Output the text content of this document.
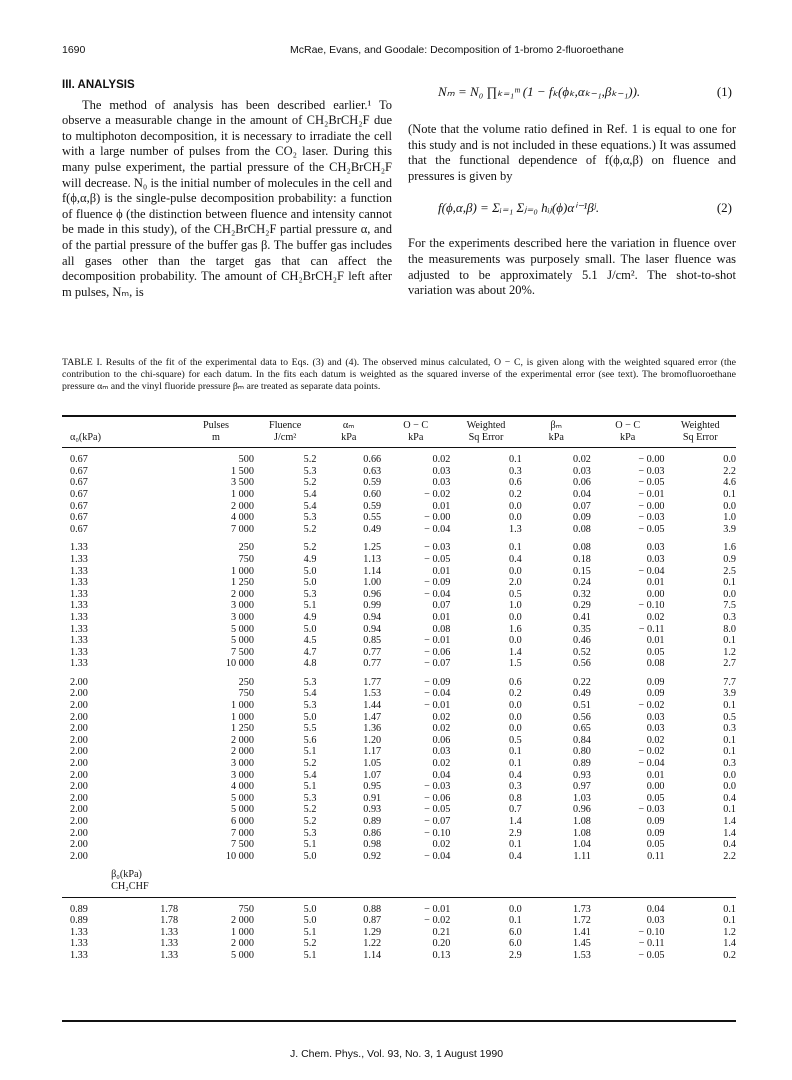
1690	McRae, Evans, and Goodale: Decomposition of 1-bromo 2-fluoroethane
III. ANALYSIS

The method of analysis has been described earlier.¹ To observe a measurable change in the amount of CH₂BrCH₂F due to multiphoton decomposition, it is necessary to irradiate the cell with a large number of pulses from the CO₂ laser. During this many pulse experiment, the partial pressure of the CH₂BrCH₂F will decrease. N₀ is the initial number of molecules in the cell and f(ϕ,α,β) is the single-pulse decomposition probability: a function of fluence ϕ (the distinction between fluence and intensity cannot be made in this study), of the CH₂BrCH₂F partial pressure α, and of the partial pressure of the buffer gas β. The buffer gas includes all gases other than the target gas that can affect the decomposition probability. The amount of CH₂BrCH₂F left after m pulses, Nₘ, is

Nₘ = N₀ ∏ₖ₌₁ᵐ (1 − fₖ(ϕₖ,αₖ₋₁,βₖ₋₁)).	(1)

(Note that the volume ratio defined in Ref. 1 is equal to one for this study and is not included in these equations.) It was assumed that the functional dependence of f(ϕ,α,β) on fluence and pressures is given by

f(ϕ,α,β) = Σᵢ₌₁ Σⱼ₌₀ hᵢⱼ(ϕ)αⁱ⁻¹βʲ.	(2)

For the experiments described here the variation in fluence over the measurements was purposely small. The laser fluence was adjusted to be approximately 5.1 J/cm². The shot-to-shot variation was about 20%.

TABLE I. Results of the fit of the experimental data to Eqs. (3) and (4). The observed minus calculated, O − C, is given along with the weighted squared error (the contribution to the chi-square) for each datum. In the fits each datum is weighted as the squared inverse of the experimental error (see text). The bromofluoroethane pressure αₘ and the vinyl fluoride pressure βₘ are treated as separate data points.
		Pulses	Fluence	αₘ	O − C	Weighted	βₘ	O − C	Weighted
α₀(kPa)		m	J/cm²	kPa	kPa	Sq Error	kPa	kPa	Sq Error

0.67		500	5.2	0.66	0.02	0.1	0.02	− 0.00	0.0
0.67		1 500	5.3	0.63	0.03	0.3	0.03	− 0.03	2.2
0.67		3 500	5.2	0.59	0.03	0.6	0.06	− 0.05	4.6
0.67		1 000	5.4	0.60	− 0.02	0.2	0.04	− 0.01	0.1
0.67		2 000	5.4	0.59	0.01	0.0	0.07	− 0.00	0.0
0.67		4 000	5.3	0.55	− 0.00	0.0	0.09	− 0.03	1.0
0.67		7 000	5.2	0.49	− 0.04	1.3	0.08	− 0.05	3.9

1.33		250	5.2	1.25	− 0.03	0.1	0.08	0.03	1.6
1.33		750	4.9	1.13	− 0.05	0.4	0.18	0.03	0.9
1.33		1 000	5.0	1.14	0.01	0.0	0.15	− 0.04	2.5
1.33		1 250	5.0	1.00	− 0.09	2.0	0.24	0.01	0.1
1.33		2 000	5.3	0.96	− 0.04	0.5	0.32	0.00	0.0
1.33		3 000	5.1	0.99	0.07	1.0	0.29	− 0.10	7.5
1.33		3 000	4.9	0.94	0.01	0.0	0.41	0.02	0.3
1.33		5 000	5.0	0.94	0.08	1.6	0.35	− 0.11	8.0
1.33		5 000	4.5	0.85	− 0.01	0.0	0.46	0.01	0.1
1.33		7 500	4.7	0.77	− 0.06	1.4	0.52	0.05	1.2
1.33		10 000	4.8	0.77	− 0.07	1.5	0.56	0.08	2.7

2.00		250	5.3	1.77	− 0.09	0.6	0.22	0.09	7.7
2.00		750	5.4	1.53	− 0.04	0.2	0.49	0.09	3.9
2.00		1 000	5.3	1.44	− 0.01	0.0	0.51	− 0.02	0.1
2.00		1 000	5.0	1.47	0.02	0.0	0.56	0.03	0.5
2.00		1 250	5.5	1.36	0.02	0.0	0.65	0.03	0.3
2.00		2 000	5.6	1.20	0.06	0.5	0.84	0.02	0.1
2.00		2 000	5.1	1.17	0.03	0.1	0.80	− 0.02	0.1
2.00		3 000	5.2	1.05	0.02	0.1	0.89	− 0.04	0.3
2.00		3 000	5.4	1.07	0.04	0.4	0.93	0.01	0.0
2.00		4 000	5.1	0.95	− 0.03	0.3	0.97	0.00	0.0
2.00		5 000	5.3	0.91	− 0.06	0.8	1.03	0.05	0.4
2.00		5 000	5.2	0.93	− 0.05	0.7	0.96	− 0.03	0.1
2.00		6 000	5.2	0.89	− 0.07	1.4	1.08	0.09	1.4
2.00		7 000	5.3	0.86	− 0.10	2.9	1.08	0.09	1.4
2.00		7 500	5.1	0.98	0.02	0.1	1.04	0.05	0.4
2.00		10 000	5.0	0.92	− 0.04	0.4	1.11	0.11	2.2

	β₀(kPa)
CH₂CHF								

0.89	1.78	750	5.0	0.88	− 0.01	0.0	1.73	0.04	0.1
0.89	1.78	2 000	5.0	0.87	− 0.02	0.1	1.72	0.03	0.1
1.33	1.33	1 000	5.1	1.29	0.21	6.0	1.41	− 0.10	1.2
1.33	1.33	2 000	5.2	1.22	0.20	6.0	1.45	− 0.11	1.4
1.33	1.33	5 000	5.1	1.14	0.13	2.9	1.53	− 0.05	0.2
J. Chem. Phys., Vol. 93, No. 3, 1 August 1990
